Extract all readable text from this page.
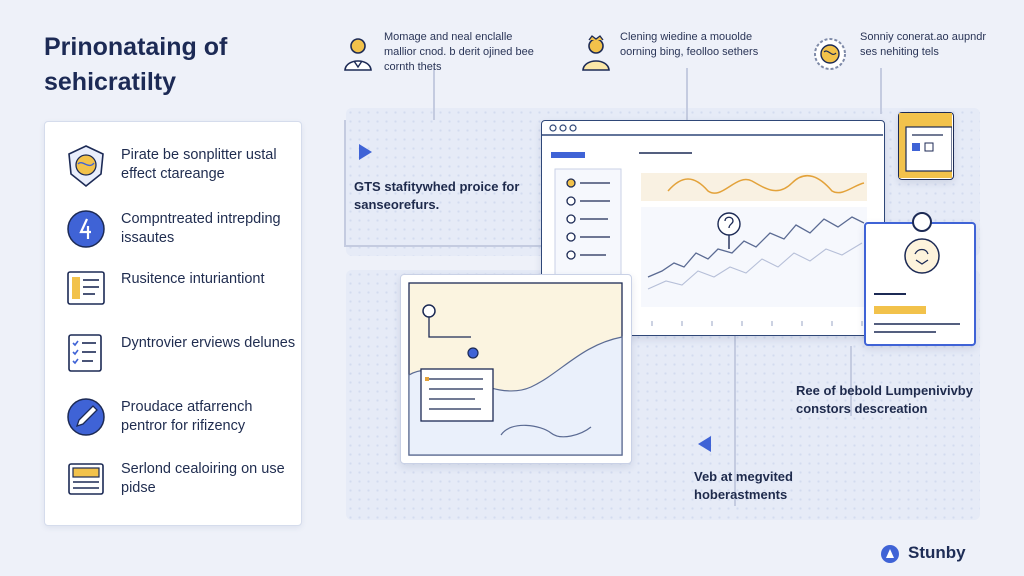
Prinonataing of sehicratilty
Momage and neal enclalle mallior cnod. b derit ojined bee cornth thets
Clening wiedine a mouolde oorning bing, feolloo sethers
Sonniy conerat.ao aupndr ses nehiting tels
Pirate be sonplitter ustal effect ctareange
Compntreated intrepding issautes
Rusitence inturiantiont
Dyntrovier erviews delunes
Proudace atfarrench pentror for rifizency
Serlond cealoiring on use pidse
GTS stafitywhed proice for sanseorefurs.
Ree of bebold Lumpenivivby constors descreation
Veb at megvited hoberastments
Stunby
